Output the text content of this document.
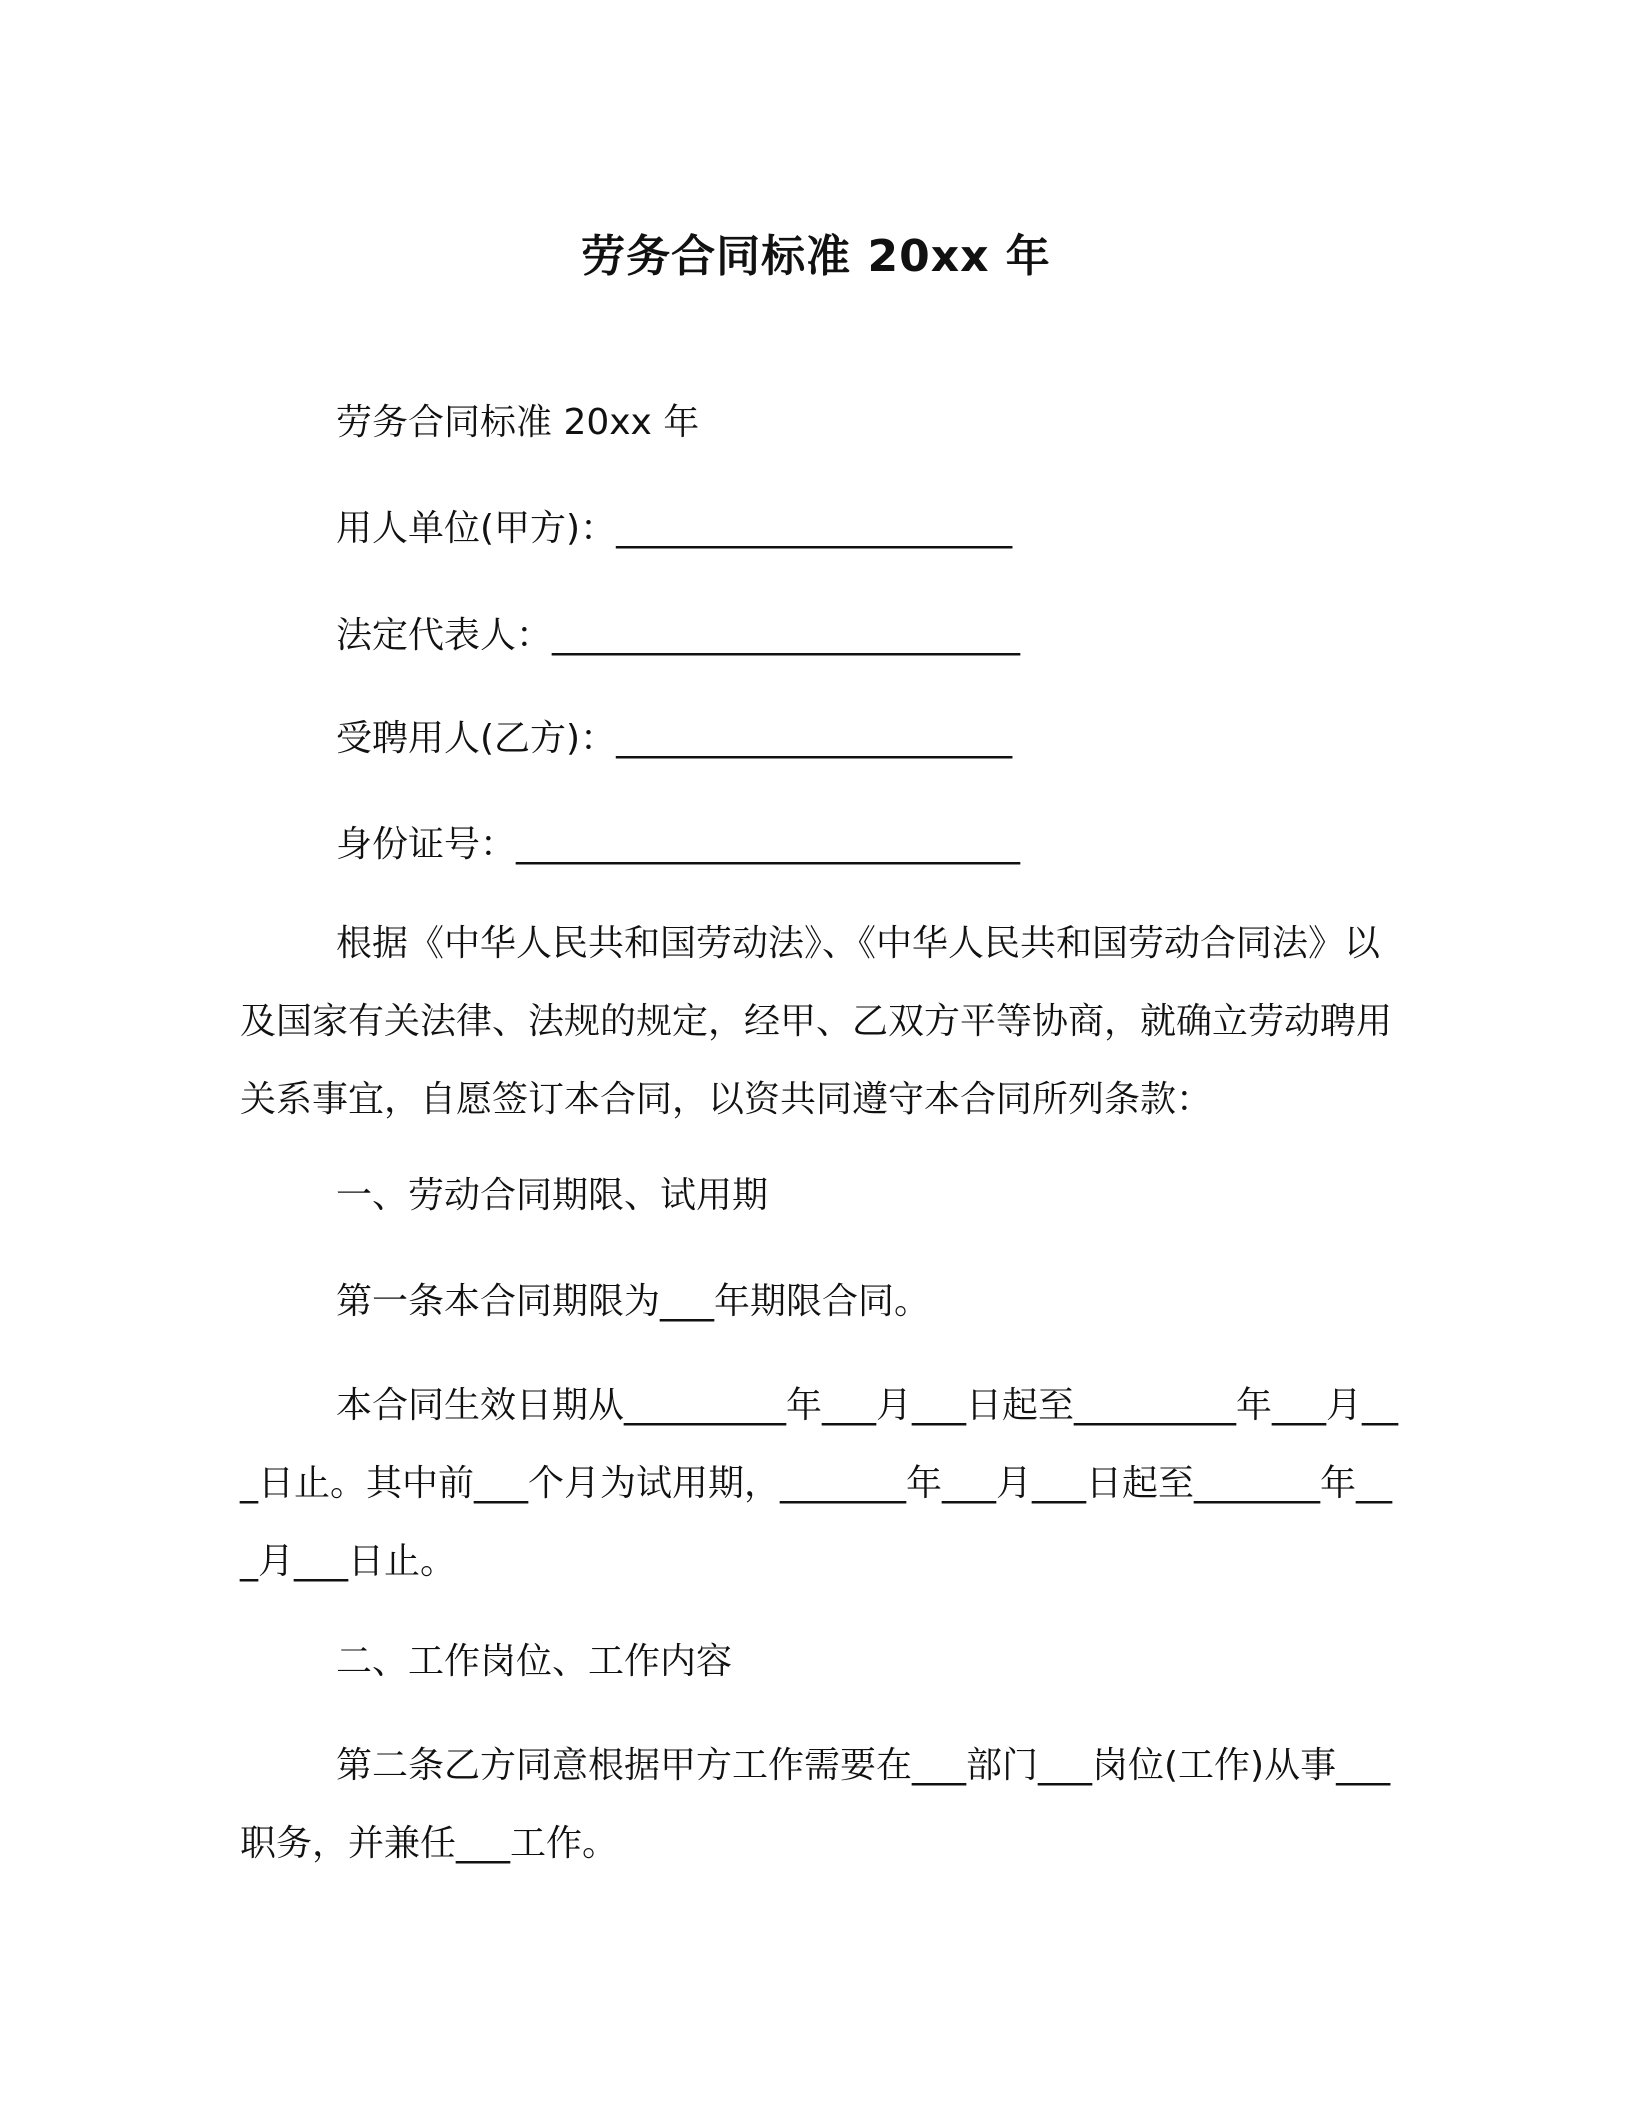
劳务合同标准 20xx 年

劳务合同标准 20xx 年

用人单位(甲方)：______________________

法定代表人：__________________________

受聘用人(乙方)：______________________

身份证号：____________________________

根据《中华人民共和国劳动法》、《中华人民共和国劳动合同法》以及国家有关法律、法规的规定，经甲、乙双方平等协商，就确立劳动聘用关系事宜，自愿签订本合同，以资共同遵守本合同所列条款：

一、劳动合同期限、试用期

第一条本合同期限为___年期限合同。

本合同生效日期从_________年___月___日起至_________年___月___日止。其中前___个月为试用期，_______年___月___日起至_______年___月___日止。

二、工作岗位、工作内容

第二条乙方同意根据甲方工作需要在___部门___岗位(工作)从事___职务，并兼任___工作。
